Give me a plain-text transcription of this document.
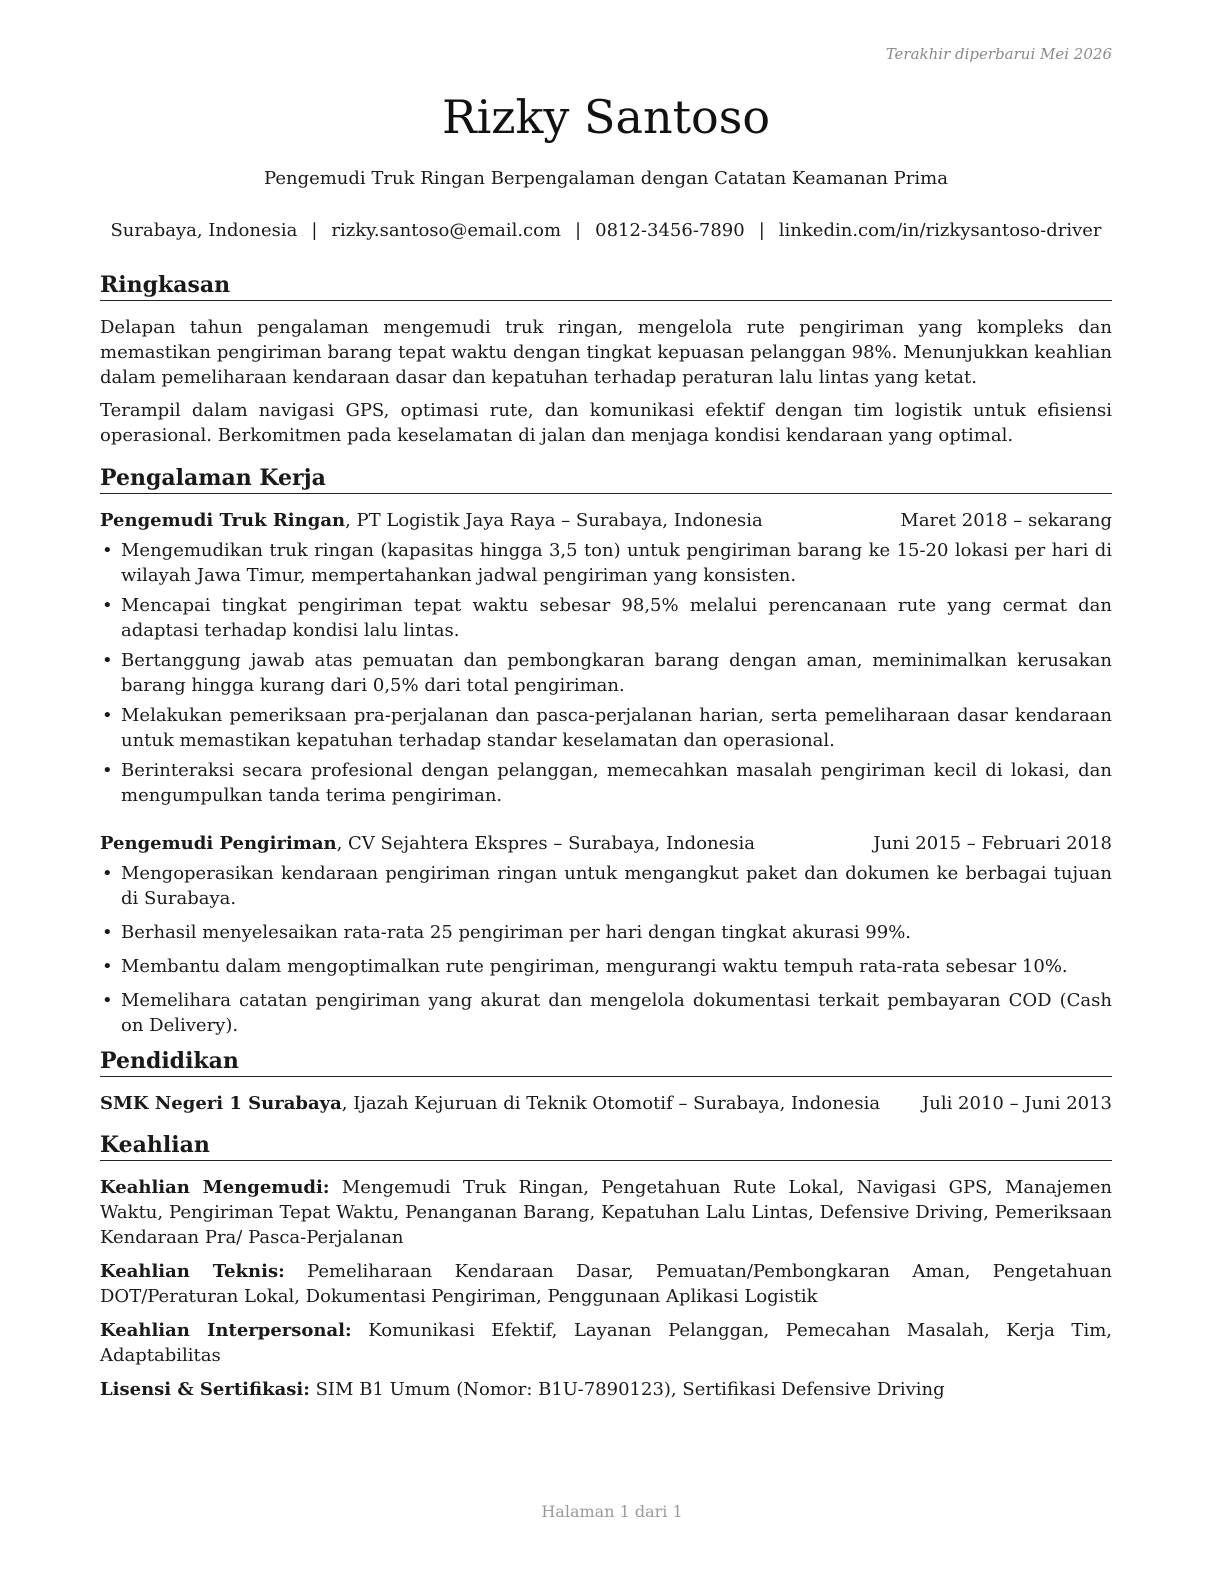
Terakhir diperbarui Mei 2026
Rizky Santoso
Pengemudi Truk Ringan Berpengalaman dengan Catatan Keamanan Prima
Surabaya, Indonesia | rizky.santoso@email.com | 0812-3456-7890 | linkedin.com/in/rizkysantoso-driver
Ringkasan

Delapan tahun pengalaman mengemudi truk ringan, mengelola rute pengiriman yang kompleks dan memastikan pengiriman barang tepat waktu dengan tingkat kepuasan pelanggan 98%. Menunjukkan keahlian dalam pemeliharaan kendaraan dasar dan kepatuhan terhadap peraturan lalu lintas yang ketat.

Terampil dalam navigasi GPS, optimasi rute, dan komunikasi efektif dengan tim logistik untuk efisiensi operasional. Berkomitmen pada keselamatan di jalan dan menjaga kondisi kendaraan yang optimal.

Pengalaman Kerja
Pengemudi Truk Ringan, PT Logistik Jaya Raya – Surabaya, Indonesia	Maret 2018 – sekarang
• Mengemudikan truk ringan (kapasitas hingga 3,5 ton) untuk pengiriman barang ke 15-20 lokasi per hari di wilayah Jawa Timur, mempertahankan jadwal pengiriman yang konsisten.
• Mencapai tingkat pengiriman tepat waktu sebesar 98,5% melalui perencanaan rute yang cermat dan adaptasi terhadap kondisi lalu lintas.
• Bertanggung jawab atas pemuatan dan pembongkaran barang dengan aman, meminimalkan kerusakan barang hingga kurang dari 0,5% dari total pengiriman.
• Melakukan pemeriksaan pra-perjalanan dan pasca-perjalanan harian, serta pemeliharaan dasar kendaraan untuk memastikan kepatuhan terhadap standar keselamatan dan operasional.
• Berinteraksi secara profesional dengan pelanggan, memecahkan masalah pengiriman kecil di lokasi, dan mengumpulkan tanda terima pengiriman.
Pengemudi Pengiriman, CV Sejahtera Ekspres – Surabaya, Indonesia	Juni 2015 – Februari 2018
• Mengoperasikan kendaraan pengiriman ringan untuk mengangkut paket dan dokumen ke berbagai tujuan di Surabaya.
• Berhasil menyelesaikan rata-rata 25 pengiriman per hari dengan tingkat akurasi 99%.
• Membantu dalam mengoptimalkan rute pengiriman, mengurangi waktu tempuh rata-rata sebesar 10%.
• Memelihara catatan pengiriman yang akurat dan mengelola dokumentasi terkait pembayaran COD (Cash on Delivery).
Pendidikan
SMK Negeri 1 Surabaya, Ijazah Kejuruan di Teknik Otomotif – Surabaya, Indonesia Juli 2010 – Juni 2013
Keahlian
Keahlian Mengemudi: Mengemudi Truk Ringan, Pengetahuan Rute Lokal, Navigasi GPS, Manajemen Waktu, Pengiriman Tepat Waktu, Penanganan Barang, Kepatuhan Lalu Lintas, Defensive Driving, Pemeriksaan Kendaraan Pra/ Pasca-Perjalanan
Keahlian Teknis: Pemeliharaan Kendaraan Dasar, Pemuatan/Pembongkaran Aman, Pengetahuan DOT/Peraturan Lokal, Dokumentasi Pengiriman, Penggunaan Aplikasi Logistik
Keahlian Interpersonal: Komunikasi Efektif, Layanan Pelanggan, Pemecahan Masalah, Kerja Tim, Adaptabilitas
Lisensi & Sertifikasi: SIM B1 Umum (Nomor: B1U-7890123), Sertifikasi Defensive Driving
Halaman 1 dari 1
